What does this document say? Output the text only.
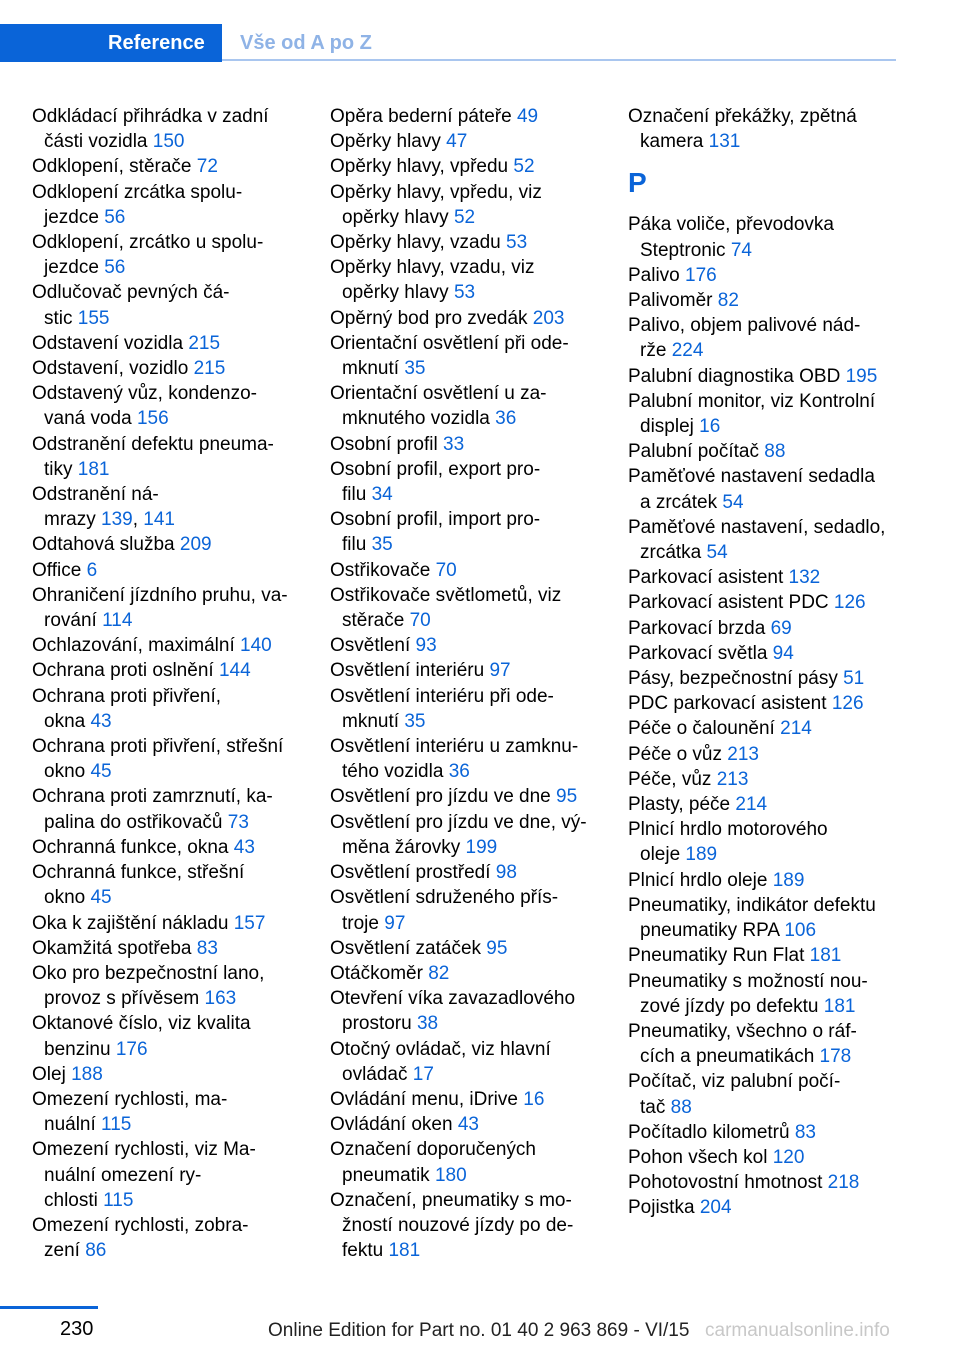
Reference	Vše od A po Z

Odkládací přihrádka v zadní
části vozidla 150

Odklopení, stěrače 72

Odklopení zrcátka spolu‐
jezdce 56

Odklopení, zrcátko u spolu‐
jezdce 56

Odlučovač pevných čá‐
stic 155

Odstavení vozidla 215

Odstavení, vozidlo 215

Odstavený vůz, kondenzo‐
vaná voda 156

Odstranění defektu pneuma‐
tiky 181

Odstranění ná‐
mrazy 139, 141

Odtahová služba 209

Office 6

Ohraničení jízdního pruhu, va‐
rování 114

Ochlazování, maximální 140

Ochrana proti oslnění 144

Ochrana proti přivření,
okna 43

Ochrana proti přivření, střešní
okno 45

Ochrana proti zamrznutí, ka‐
palina do ostřikovačů 73

Ochranná funkce, okna 43

Ochranná funkce, střešní
okno 45

Oka k zajištění nákladu 157

Okamžitá spotřeba 83

Oko pro bezpečnostní lano,
provoz s přívěsem 163

Oktanové číslo, viz kvalita
benzinu 176

Olej 188

Omezení rychlosti, ma‐
nuální 115

Omezení rychlosti, viz Ma‐
nuální omezení ry‐
chlosti 115

Omezení rychlosti, zobra‐
zení 86

Opěra bederní páteře 49

Opěrky hlavy 47

Opěrky hlavy, vpředu 52

Opěrky hlavy, vpředu, viz
opěrky hlavy 52

Opěrky hlavy, vzadu 53

Opěrky hlavy, vzadu, viz
opěrky hlavy 53

Opěrný bod pro zvedák 203

Orientační osvětlení při ode‐
mknutí 35

Orientační osvětlení u za‐
mknutého vozidla 36

Osobní profil 33

Osobní profil, export pro‐
filu 34

Osobní profil, import pro‐
filu 35

Ostřikovače 70

Ostřikovače světlometů, viz
stěrače 70

Osvětlení 93

Osvětlení interiéru 97

Osvětlení interiéru při ode‐
mknutí 35

Osvětlení interiéru u zamknu‐
tého vozidla 36

Osvětlení pro jízdu ve dne 95

Osvětlení pro jízdu ve dne, vý‐
měna žárovky 199

Osvětlení prostředí 98

Osvětlení sdruženého přís‐
troje 97

Osvětlení zatáček 95

Otáčkoměr 82

Otevření víka zavazadlového
prostoru 38

Otočný ovládač, viz hlavní
ovládač 17

Ovládání menu, iDrive 16

Ovládání oken 43

Označení doporučených
pneumatik 180

Označení, pneumatiky s mo‐
žností nouzové jízdy po de‐
fektu 181

Označení překážky, zpětná
kamera 131

P

Páka voliče, převodovka
Steptronic 74

Palivo 176

Palivoměr 82

Palivo, objem palivové nád‐
rže 224

Palubní diagnostika OBD 195

Palubní monitor, viz Kontrolní
displej 16

Palubní počítač 88

Paměťové nastavení sedadla
a zrcátek 54

Paměťové nastavení, sedadlo,
zrcátka 54

Parkovací asistent 132

Parkovací asistent PDC 126

Parkovací brzda 69

Parkovací světla 94

Pásy, bezpečnostní pásy 51

PDC parkovací asistent 126

Péče o čalounění 214

Péče o vůz 213

Péče, vůz 213

Plasty, péče 214

Plnicí hrdlo motorového
oleje 189

Plnicí hrdlo oleje 189

Pneumatiky, indikátor defektu
pneumatiky RPA 106

Pneumatiky Run Flat 181

Pneumatiky s možností nou‐
zové jízdy po defektu 181

Pneumatiky, všechno o ráf‐
cích a pneumatikách 178

Počítač, viz palubní počí‐
tač 88

Počítadlo kilometrů 83

Pohon všech kol 120

Pohotovostní hmotnost 218

Pojistka 204

230	Online Edition for Part no. 01 40 2 963 869 - VI/15 carmanualsonline.info
